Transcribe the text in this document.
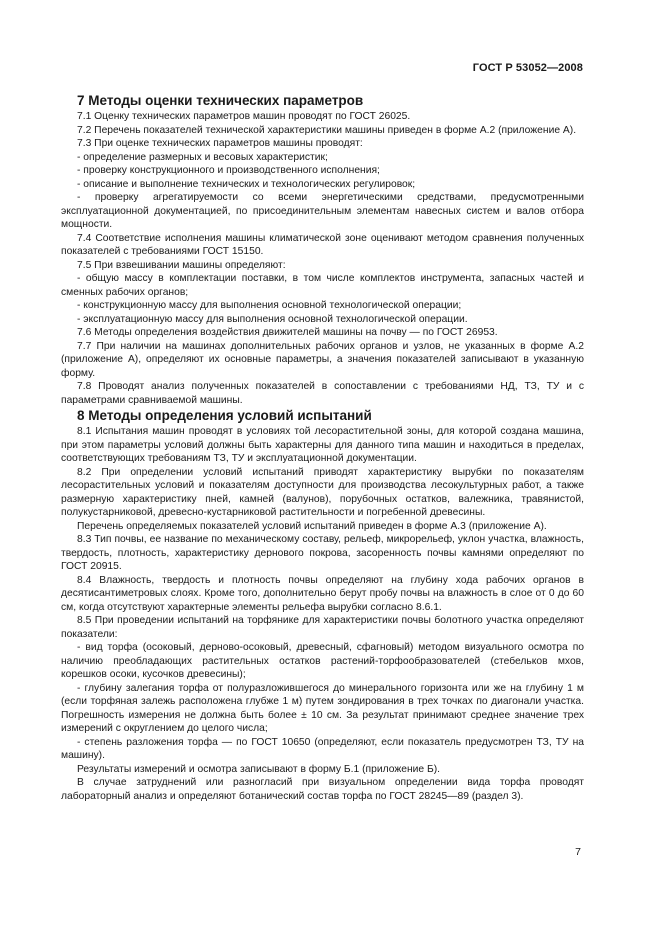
ГОСТ Р 53052—2008
7 Методы оценки технических параметров

7.1 Оценку технических параметров машин проводят по ГОСТ 26025.

7.2 Перечень показателей технической характеристики машины приведен в форме А.2 (приложение А).

7.3 При оценке технических параметров машины проводят:

- определение размерных и весовых характеристик;

- проверку конструкционного и производственного исполнения;

- описание и выполнение технических и технологических регулировок;

- проверку агрегатируемости со всеми энергетическими средствами, предусмотренными эксплуатационной документацией, по присоединительным элементам навесных систем и валов отбора мощности.

7.4 Соответствие исполнения машины климатической зоне оценивают методом сравнения полученных показателей с требованиями ГОСТ 15150.

7.5 При взвешивании машины определяют:

- общую массу в комплектации поставки, в том числе комплектов инструмента, запасных частей и сменных рабочих органов;

- конструкционную массу для выполнения основной технологической операции;

- эксплуатационную массу для выполнения основной технологической операции.

7.6 Методы определения воздействия движителей машины на почву — по ГОСТ 26953.

7.7 При наличии на машинах дополнительных рабочих органов и узлов, не указанных в форме А.2 (приложение А), определяют их основные параметры, а значения показателей записывают в указанную форму.

7.8 Проводят анализ полученных показателей в сопоставлении с требованиями НД, ТЗ, ТУ и с параметрами сравниваемой машины.

8 Методы определения условий испытаний

8.1 Испытания машин проводят в условиях той лесорастительной зоны, для которой создана машина, при этом параметры условий должны быть характерны для данного типа машин и находиться в пределах, соответствующих требованиям ТЗ, ТУ и эксплуатационной документации.

8.2 При определении условий испытаний приводят характеристику вырубки по показателям лесорастительных условий и показателям доступности для производства лесокультурных работ, а также размерную характеристику пней, камней (валунов), порубочных остатков, валежника, травянистой, полукустарниковой, древесно-кустарниковой растительности и погребенной древесины.

Перечень определяемых показателей условий испытаний приведен в форме А.3 (приложение А).

8.3 Тип почвы, ее название по механическому составу, рельеф, микрорельеф, уклон участка, влажность, твердость, плотность, характеристику дернового покрова, засоренность почвы камнями определяют по ГОСТ 20915.

8.4 Влажность, твердость и плотность почвы определяют на глубину хода рабочих органов в десятисантиметровых слоях. Кроме того, дополнительно берут пробу почвы на влажность в слое от 0 до 60 см, когда отсутствуют характерные элементы рельефа вырубки согласно 8.6.1.

8.5 При проведении испытаний на торфянике для характеристики почвы болотного участка определяют показатели:

- вид торфа (осоковый, дерново-осоковый, древесный, сфагновый) методом визуального осмотра по наличию преобладающих растительных остатков растений-торфообразователей (стебельков мхов, корешков осоки, кусочков древесины);

- глубину залегания торфа от полуразложившегося до минерального горизонта или же на глубину 1 м (если торфяная залежь расположена глубже 1 м) путем зондирования в трех точках по диагонали участка. Погрешность измерения не должна быть более ± 10 см. За результат принимают среднее значение трех измерений с округлением до целого числа;

- степень разложения торфа — по ГОСТ 10650 (определяют, если показатель предусмотрен ТЗ, ТУ на машину).

Результаты измерений и осмотра записывают в форму Б.1 (приложение Б).

В случае затруднений или разногласий при визуальном определении вида торфа проводят лабораторный анализ и определяют ботанический состав торфа по ГОСТ 28245—89 (раздел 3).

7
